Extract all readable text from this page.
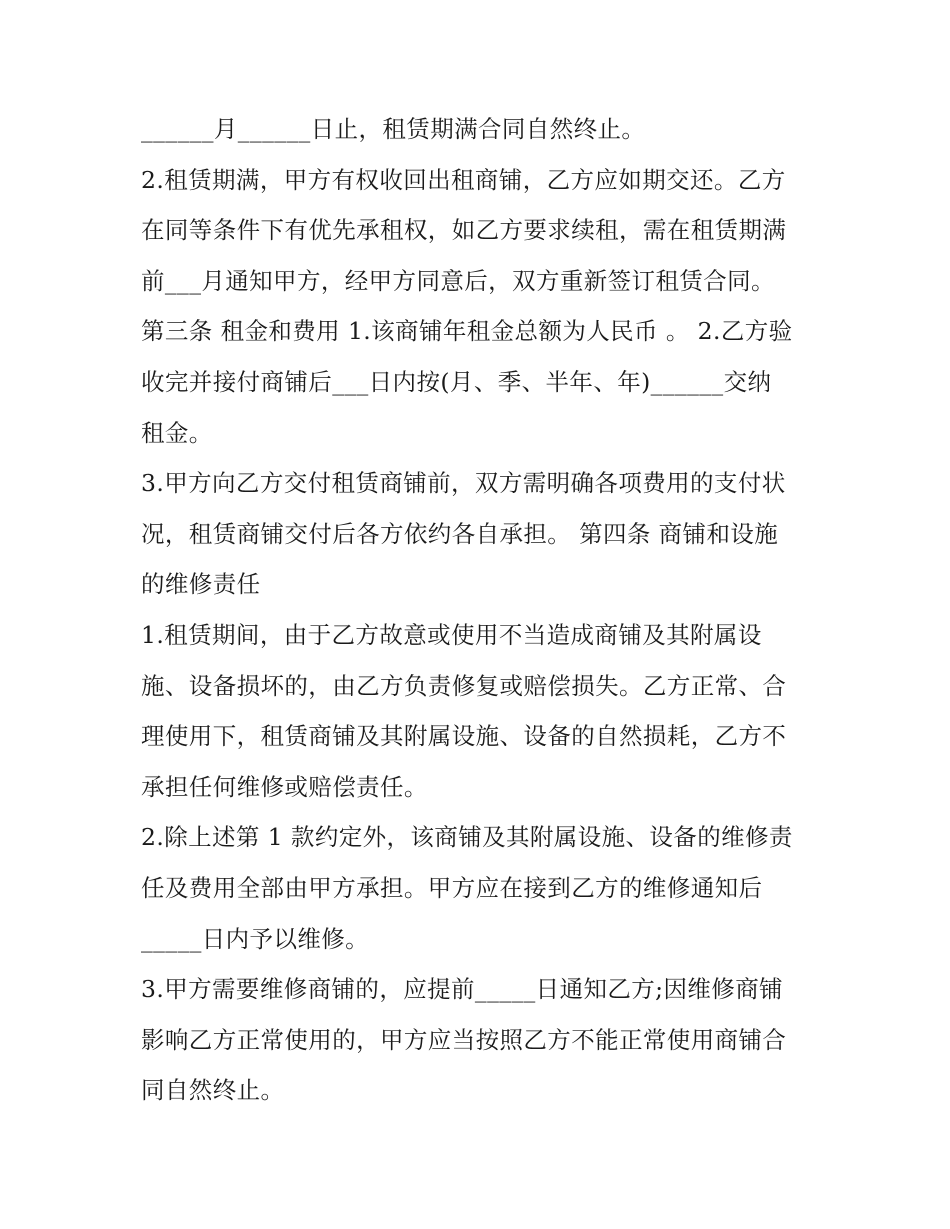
______月______日止，租赁期满合同自然终止。
2.租赁期满，甲方有权收回出租商铺，乙方应如期交还。乙方
在同等条件下有优先承租权，如乙方要求续租，需在租赁期满
前___月通知甲方，经甲方同意后，双方重新签订租赁合同。
第三条 租金和费用 1.该商铺年租金总额为人民币 。 2.乙方验
收完并接付商铺后___日内按(月、季、半年、年)______交纳
租金。
3.甲方向乙方交付租赁商铺前，双方需明确各项费用的支付状
况，租赁商铺交付后各方依约各自承担。 第四条 商铺和设施
的维修责任
1.租赁期间，由于乙方故意或使用不当造成商铺及其附属设
施、设备损坏的，由乙方负责修复或赔偿损失。乙方正常、合
理使用下，租赁商铺及其附属设施、设备的自然损耗，乙方不
承担任何维修或赔偿责任。
2.除上述第 1 款约定外，该商铺及其附属设施、设备的维修责
任及费用全部由甲方承担。甲方应在接到乙方的维修通知后
_____日内予以维修。
3.甲方需要维修商铺的，应提前_____日通知乙方;因维修商铺
影响乙方正常使用的，甲方应当按照乙方不能正常使用商铺合
同自然终止。
